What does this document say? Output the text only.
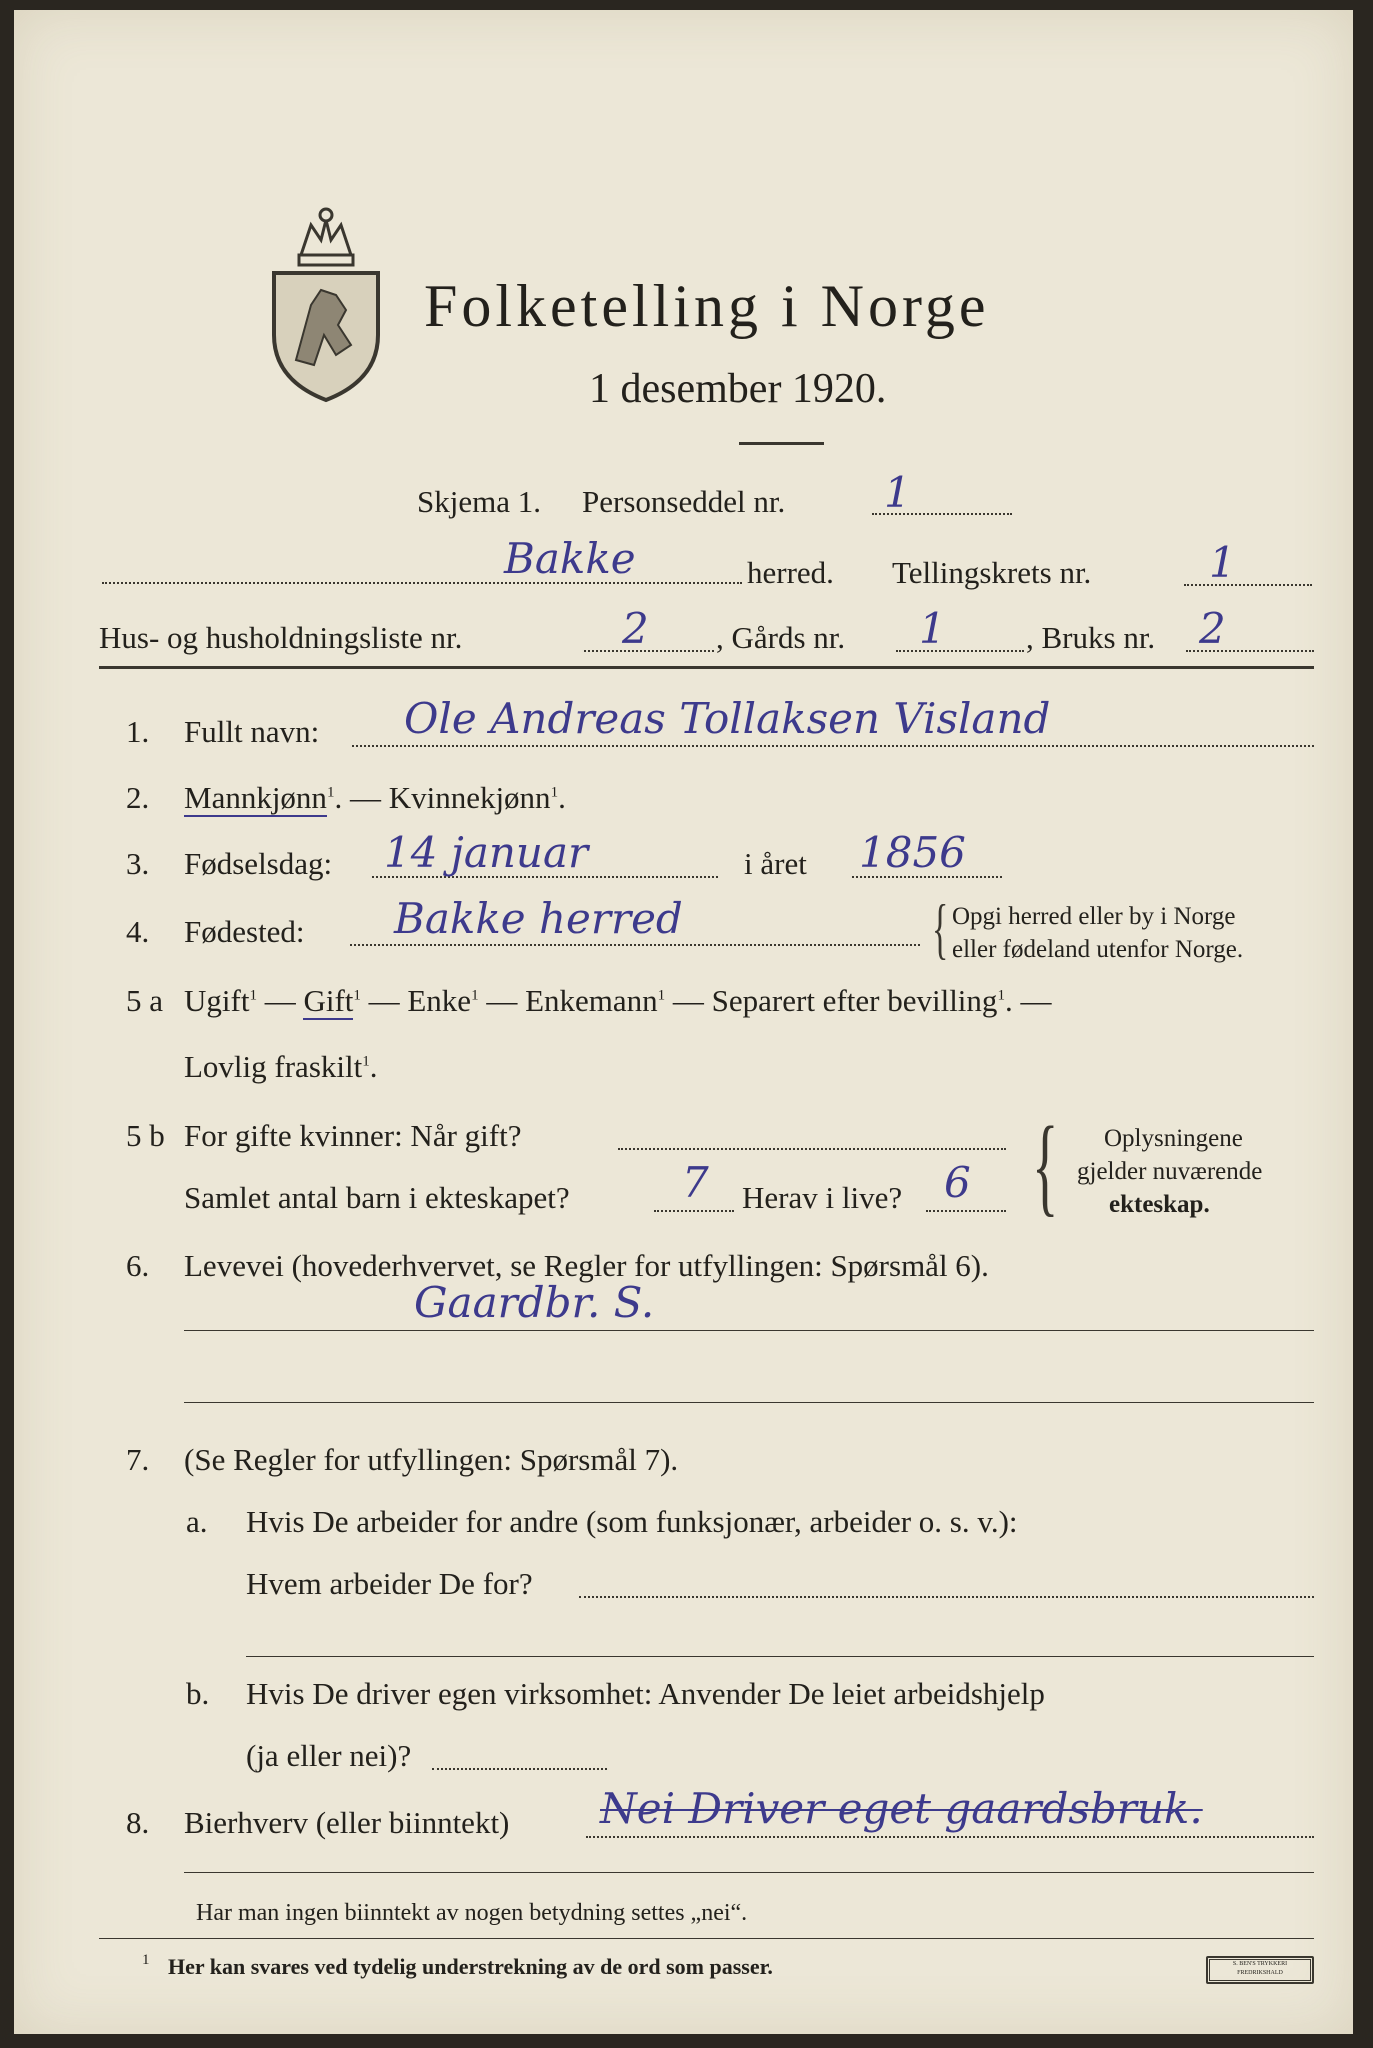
Folketelling i Norge
1 desember 1920.
Skjema 1. Personseddel nr. 1
Bakke	herred. Tellingskrets nr.	1
Hus- og husholdningsliste nr.	2 , Gårds nr. 1	, Bruks nr. 2
1. Fullt navn: Ole Andreas Tollaksen Visland
2. Mannkjønn$^1$. — Kvinnekjønn$^1$.
3. Fødselsdag: 14 januar	i året 1856
4. Fødested: Bakke herred	{ Opgi herred eller by i Norge
eller fødeland utenfor Norge.
5 a Ugift$^1$ — Gift$^1$ — Enke$^1$ — Enkemann$^1$ — Separert efter bevilling$^1$. —
Lovlig fraskilt$^1$.
5 b For gifte kvinner: Når gift?
Samlet antal barn i ekteskapet?	7 Herav i live? 6 { Oplysningene
gjelder nuværende
ekteskap.
6. Levevei (hovederhvervet, se Regler for utfyllingen: Spørsmål 6).
Gaardbr. S.
7. (Se Regler for utfyllingen: Spørsmål 7).
a. Hvis De arbeider for andre (som funksjonær, arbeider o. s. v.):
Hvem arbeider De for?
b. Hvis De driver egen virksomhet: Anvender De leiet arbeidshjelp
(ja eller nei)?
8. Bierhverv (eller biinntekt) Nei Driver eget gaardsbruk.
Har man ingen biinntekt av nogen betydning settes „nei“.
1 Her kan svares ved tydelig understrekning av de ord som passer.	S. BEN'S TRYKKERI FREDRIKSHALD
